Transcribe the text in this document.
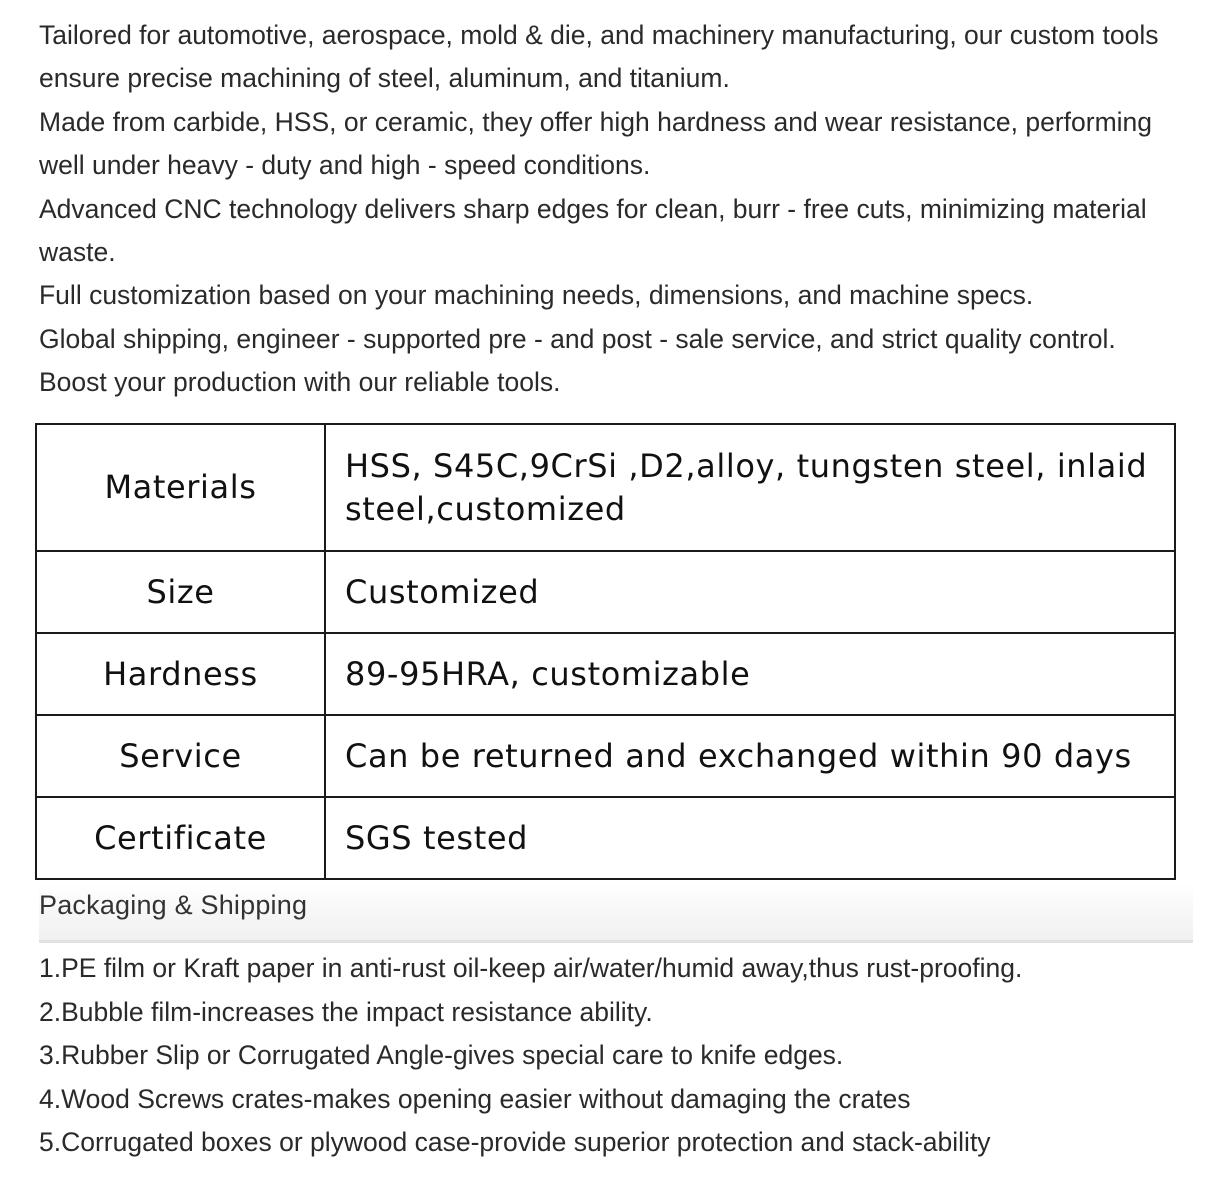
Tailored for automotive, aerospace, mold & die, and machinery manufacturing, our custom tools ensure precise machining of steel, aluminum, and titanium.

Made from carbide, HSS, or ceramic, they offer high hardness and wear resistance, performing well under heavy - duty and high - speed conditions.

Advanced CNC technology delivers sharp edges for clean, burr - free cuts, minimizing material waste.

Full customization based on your machining needs, dimensions, and machine specs.

Global shipping, engineer - supported pre - and post - sale service, and strict quality control. Boost your production with our reliable tools.

Materials	HSS, S45C,9CrSi ,D2,alloy, tungsten steel, inlaid steel,customized
Size	Customized
Hardness	89-95HRA, customizable
Service	Can be returned and exchanged within 90 days
Certificate	SGS tested
Packaging & Shipping
1.PE film or Kraft paper in anti-rust oil-keep air/water/humid away,thus rust-proofing.
2.Bubble film-increases the impact resistance ability.
3.Rubber Slip or Corrugated Angle-gives special care to knife edges.
4.Wood Screws crates-makes opening easier without damaging the crates
5.Corrugated boxes or plywood case-provide superior protection and stack-ability
